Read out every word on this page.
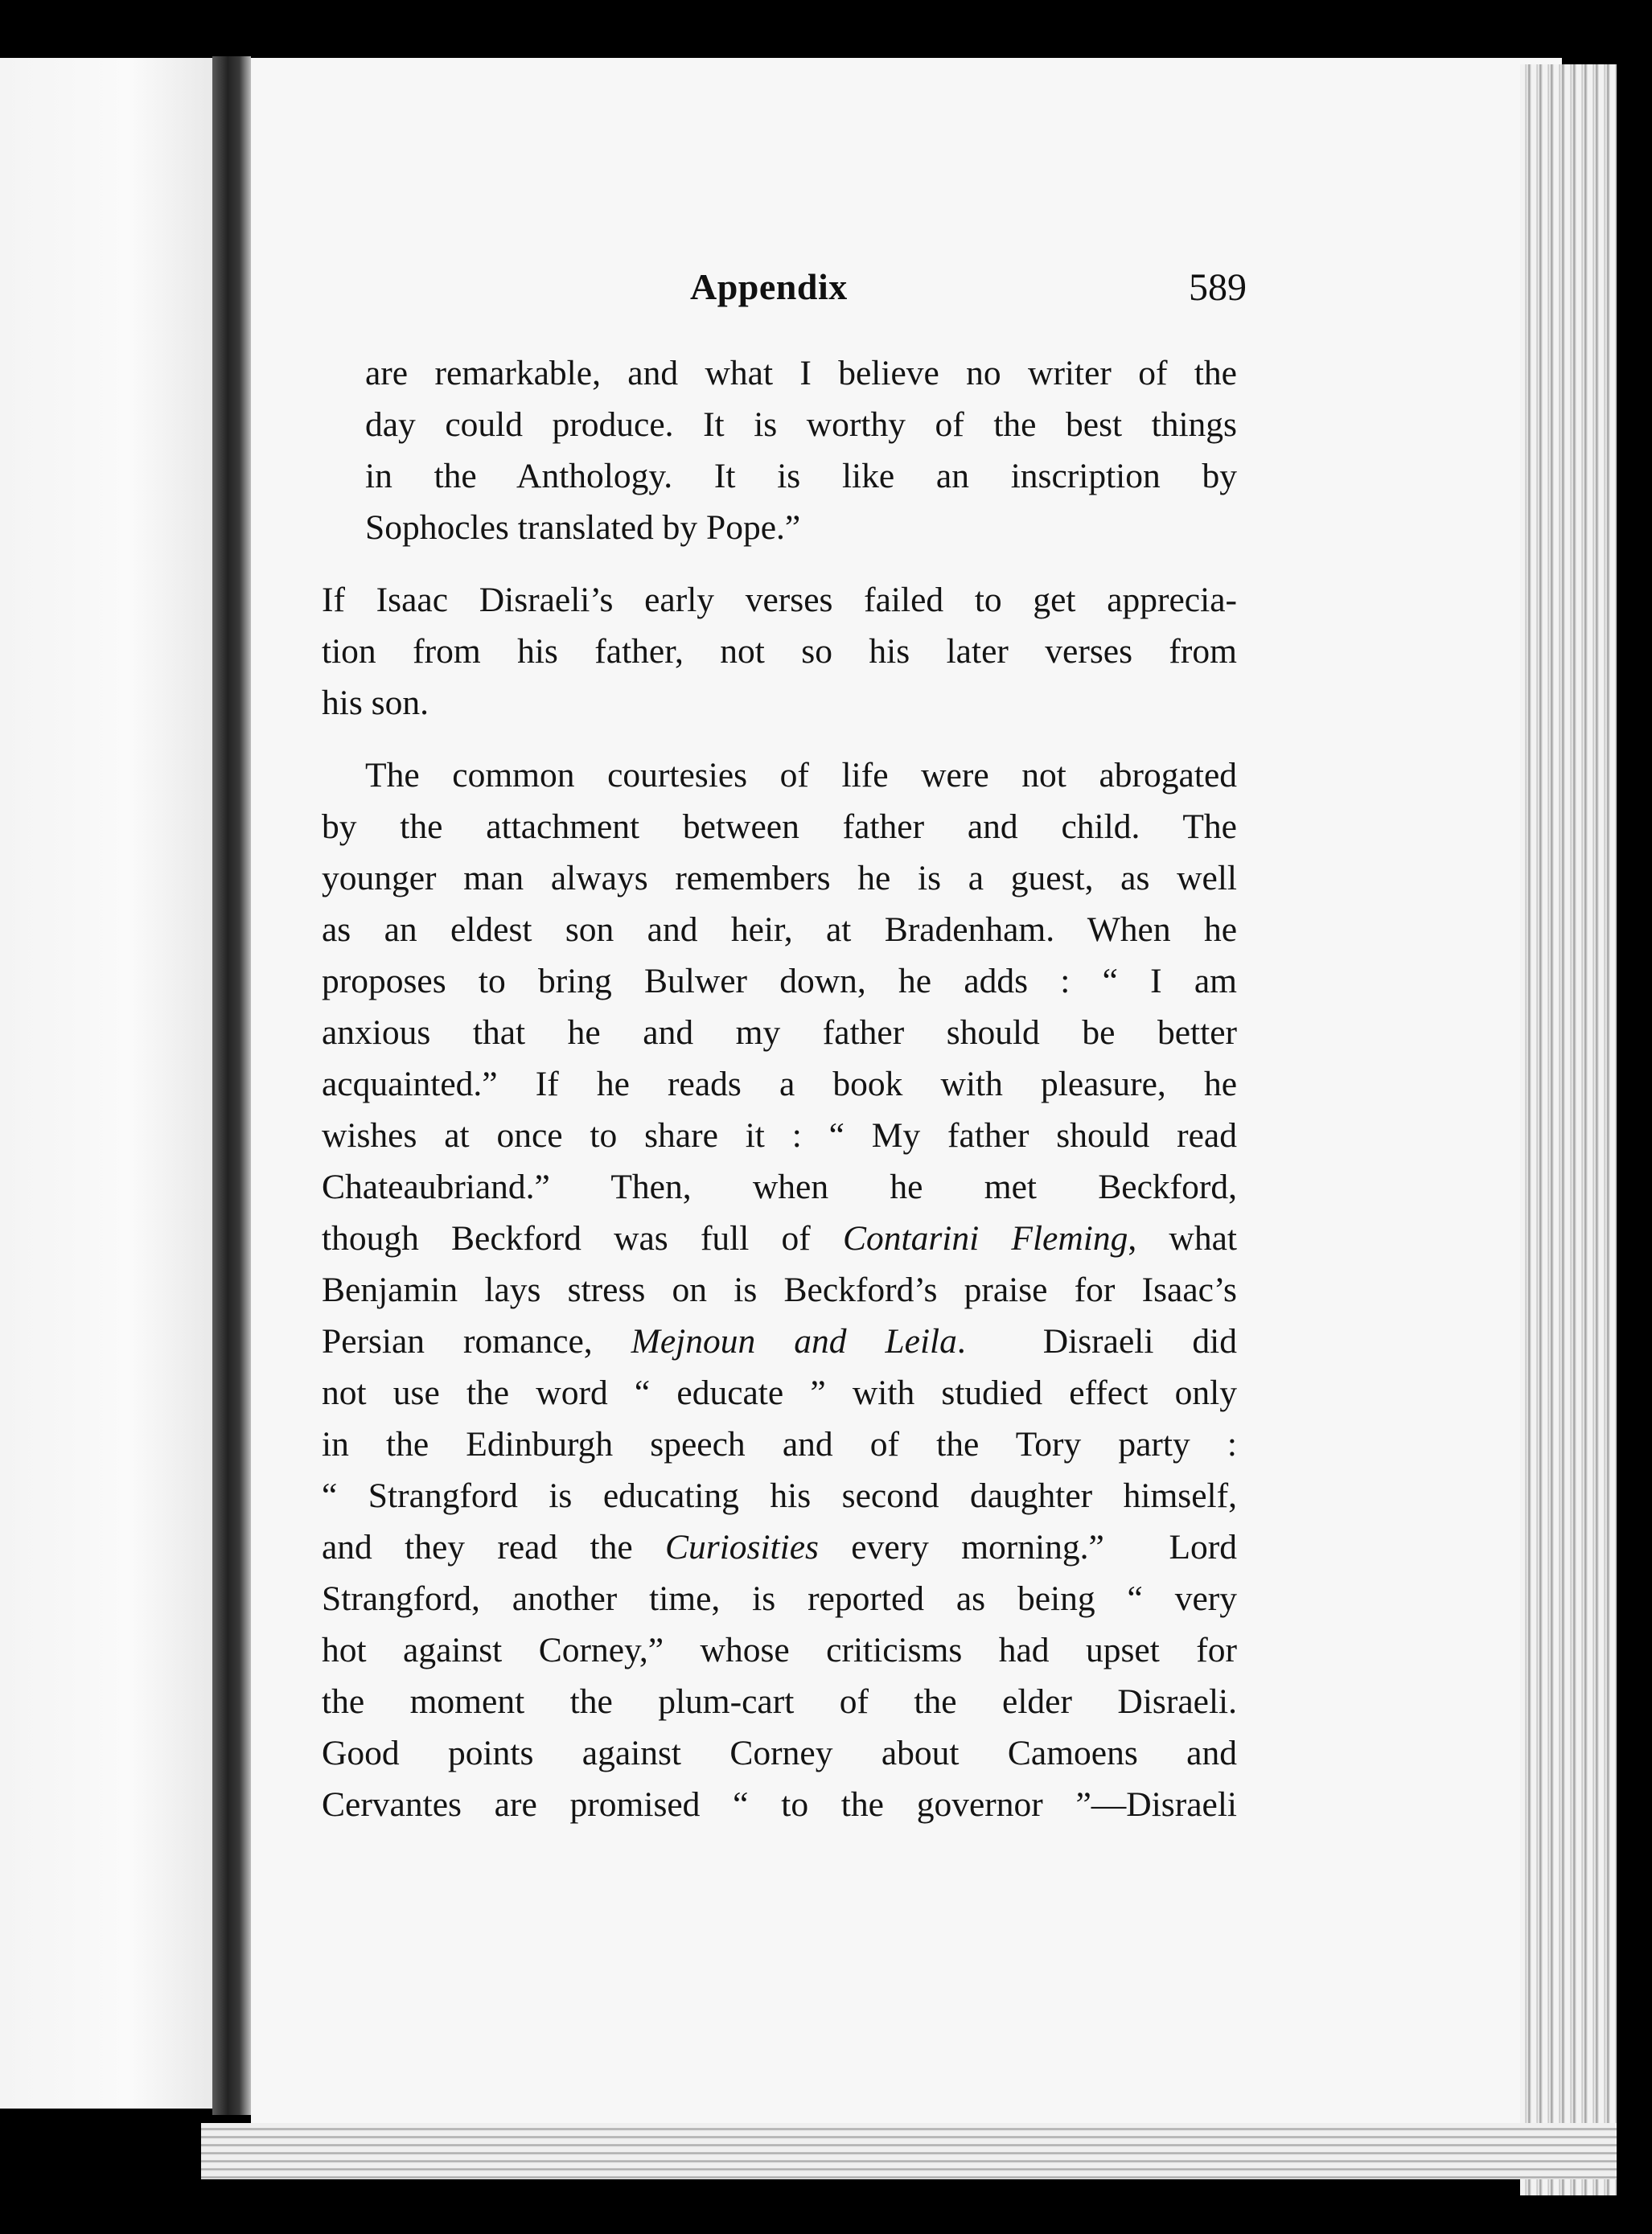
Appendix	589
are remarkable, and what I believe no writer of the
day could produce. It is worthy of the best things
in the Anthology. It is like an inscription by
Sophocles translated by Pope.”
If Isaac Disraeli’s early verses failed to get apprecia-
tion from his father, not so his later verses from
his son.
The common courtesies of life were not abrogated
by the attachment between father and child. The
younger man always remembers he is a guest, as well
as an eldest son and heir, at Bradenham. When he
proposes to bring Bulwer down, he adds : “ I am
anxious that he and my father should be better
acquainted.” If he reads a book with pleasure, he
wishes at once to share it : “ My father should read
Chateaubriand.” Then, when he met Beckford,
though Beckford was full of Contarini Fleming, what
Benjamin lays stress on is Beckford’s praise for Isaac’s
Persian romance, Mejnoun and Leila.  Disraeli did
not use the word “ educate ” with studied effect only
in the Edinburgh speech and of the Tory party :
“ Strangford is educating his second daughter himself,
and they read the Curiosities every morning.”  Lord
Strangford, another time, is reported as being “ very
hot against Corney,” whose criticisms had upset for
the moment the plum-cart of the elder Disraeli.
Good points against Corney about Camoens and
Cervantes are promised “ to the governor ”—Disraeli
